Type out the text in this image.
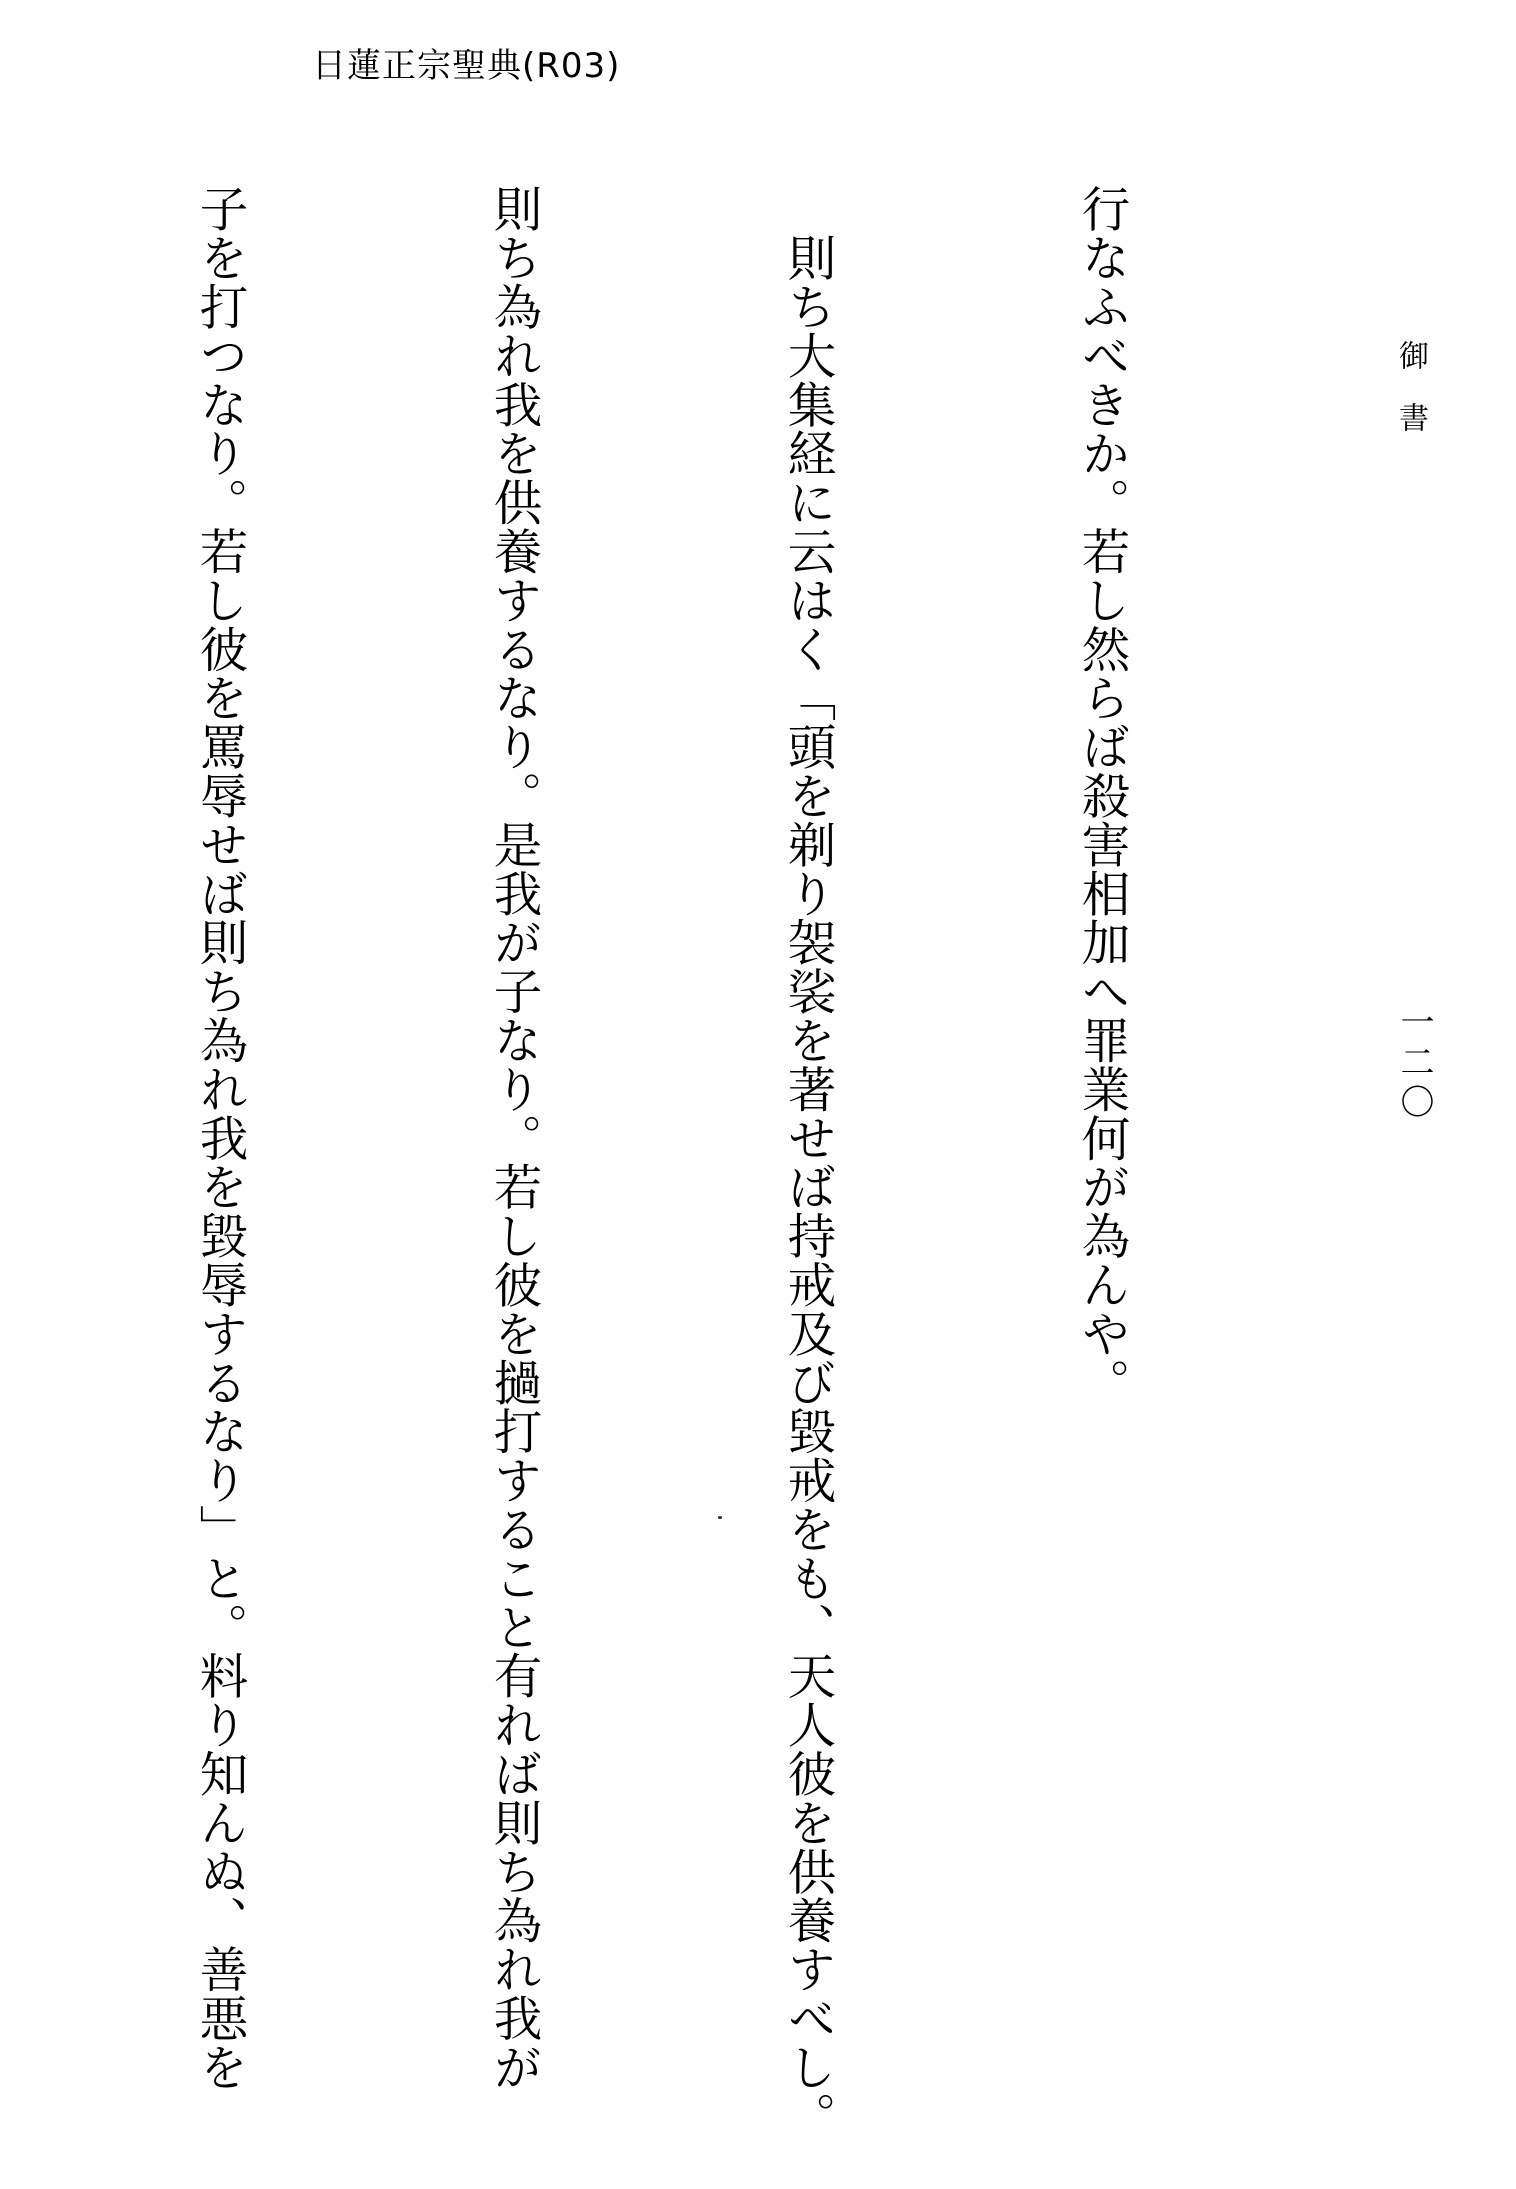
日蓮正宗聖典(R03)
御書
一二〇

行なふべきか。若し然らば殺害相加へ罪業何が為んや。

　則ち大集経に云はく「頭を剃り袈裟を著せば持戒及び毀戒をも、天人彼を供養すべし。

則ち為れ我を供養するなり。是我が子なり。若し彼を撾打すること有れば則ち為れ我が

子を打つなり。若し彼を罵辱せば則ち為れ我を毀辱するなり」と。料り知んぬ、善悪を
